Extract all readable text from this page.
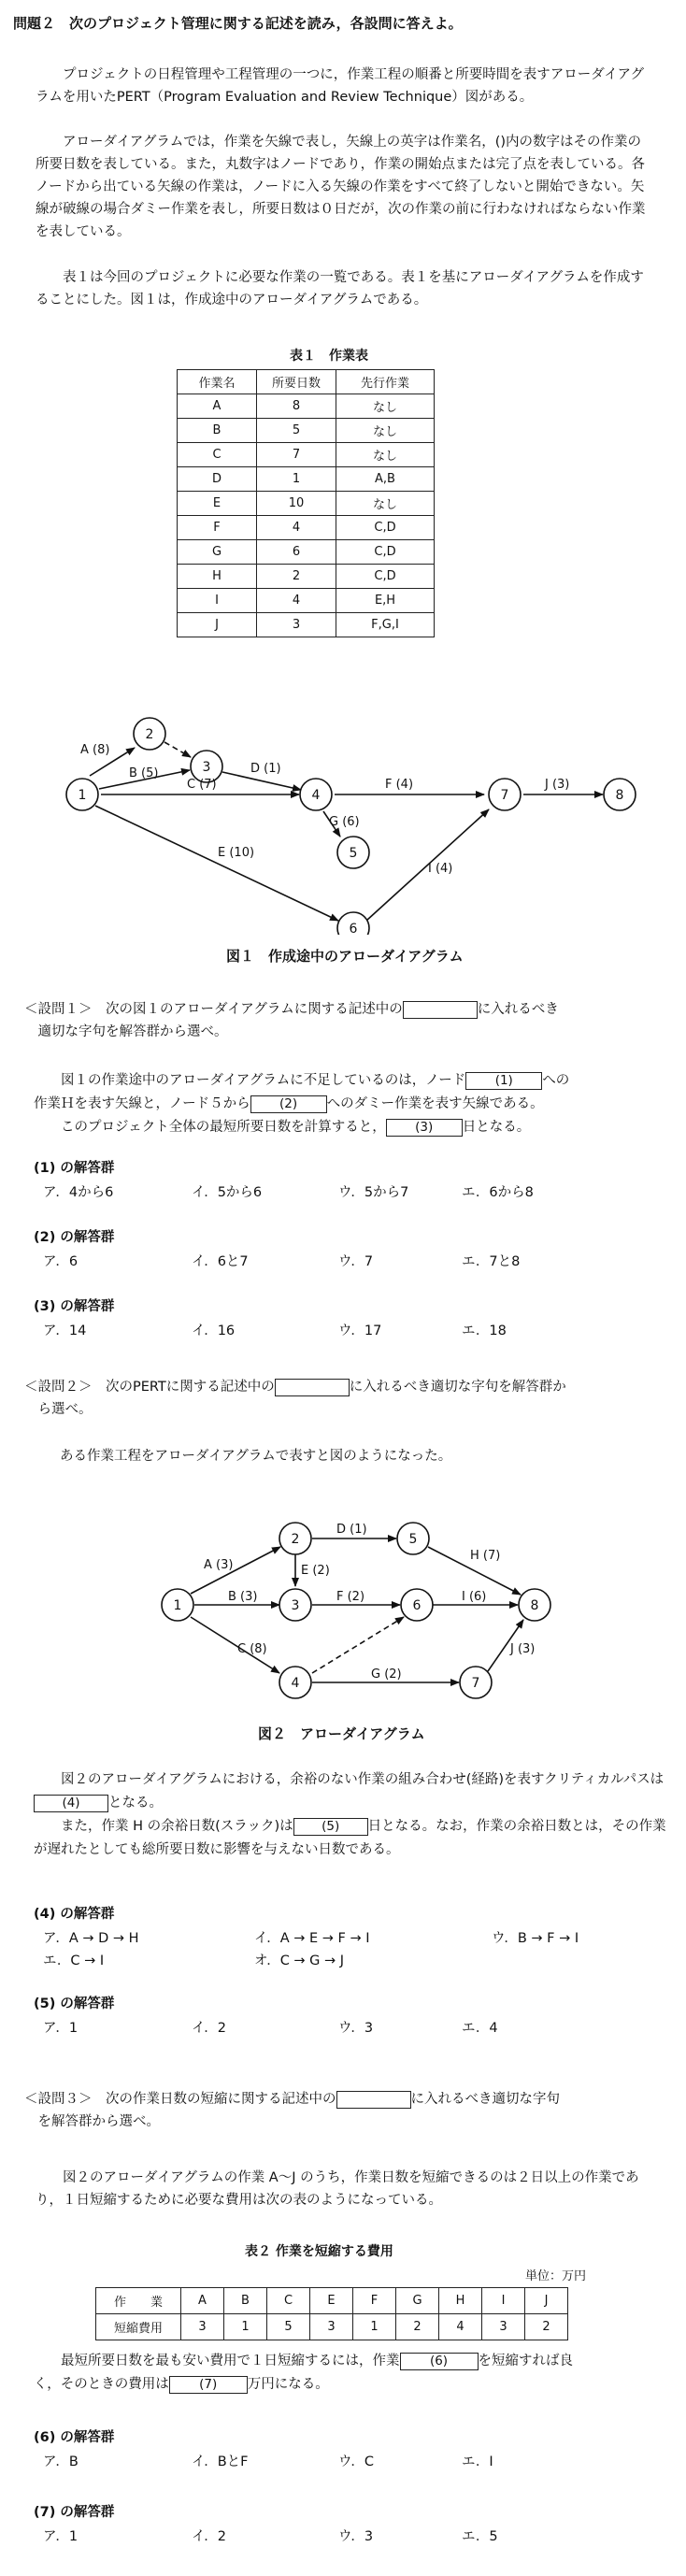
問題２　次のプロジェクト管理に関する記述を読み，各設問に答えよ。
プロジェクトの日程管理や工程管理の一つに，作業工程の順番と所要時間を表すアローダイアグラムを用いたPERT（Program Evaluation and Review Technique）図がある。
アローダイアグラムでは，作業を矢線で表し，矢線上の英字は作業名，()内の数字はその作業の所要日数を表している。また，丸数字はノードであり，作業の開始点または完了点を表している。各ノードから出ている矢線の作業は，ノードに入る矢線の作業をすべて終了しないと開始できない。矢線が破線の場合ダミー作業を表し，所要日数は０日だが，次の作業の前に行わなければならない作業を表している。
表１は今回のプロジェクトに必要な作業の一覧である。表１を基にアローダイアグラムを作成することにした。図１は，作成途中のアローダイアグラムである。
表１　作業表
作業名	所要日数	先行作業
A	8	なし
B	5	なし
C	7	なし
D	1	A,B
E	10	なし
F	4	C,D
G	6	C,D
H	2	C,D
I	4	E,H
J	3	F,G,I
1
2
3
4
5
6
7	8
A (8)
B (5)
C (7)
D (1)
E (10)
F (4)
G (6)
I (4)
J (3)
図１　作成途中のアローダイアグラム
＜設問１＞　次の図１のアローダイアグラムに関する記述中の	に入れるべき
適切な字句を解答群から選べ。
図１の作業途中のアローダイアグラムに不足しているのは，ノード (1) への
作業Ｈを表す矢線と，ノード５から (2) へのダミー作業を表す矢線である。
このプロジェクト全体の最短所要日数を計算すると， (3) 日となる。
(1) の解答群
ア．4から6	イ．5から6	ウ．5から7	エ．6から8
(2) の解答群
ア．6	イ．6と7	ウ．7	エ．7と8
(3) の解答群
ア．14	イ．16	ウ．17	エ．18
＜設問２＞　次のPERTに関する記述中の	に入れるべき適切な字句を解答群か
ら選べ。
ある作業工程をアローダイアグラムで表すと図のようになった。
1
2
3
4
5
6
7
8
A (3)
B (3)
C (8)
D (1)
E (2)
F (2)
G (2)
H (7)
I (6)
J (3)
図２　アローダイアグラム
図２のアローダイアグラムにおける，余裕のない作業の組み合わせ(経路)を表すクリティカルパスは(4) となる。
また，作業 H の余裕日数(スラック)は (5) 日となる。なお，作業の余裕日数とは，その作業が遅れたとしても総所要日数に影響を与えない日数である。
(4) の解答群
ア．A → D → H	イ．A → E → F → I	ウ．B → F → I
エ．C → I	オ．C → G → J
(5) の解答群
ア．1	イ．2	ウ．3	エ．4
＜設問３＞　次の作業日数の短縮に関する記述中の	に入れるべき適切な字句
を解答群から選べ。
図２のアローダイアグラムの作業 A～J のうち，作業日数を短縮できるのは２日以上の作業であり，１日短縮するために必要な費用は次の表のようになっている。
表２ 作業を短縮する費用
単位：万円
作　　業	A	B	C	E	F	G	H	I	J
短縮費用	3	1	5	3	1	2	4	3	2
最短所要日数を最も安い費用で１日短縮するには，作業 (6) を短縮すれば良
く，そのときの費用は (7) 万円になる。
(6) の解答群
ア．B	イ．BとF	ウ．C	エ．I
(7) の解答群
ア．1	イ．2	ウ．3	エ．5
